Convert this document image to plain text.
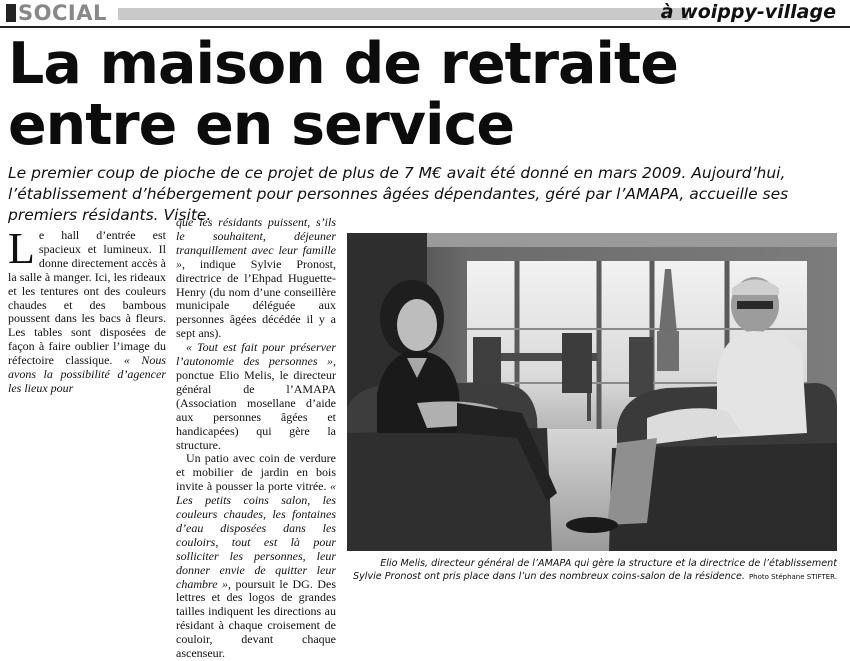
SOCIAL	à woippy-village
La maison de retraite
entre en service

Le premier coup de pioche de ce projet de plus de 7 M€ avait été donné en mars 2009. Aujourd’hui, l’établissement d’hébergement pour personnes âgées dépendantes, géré par l’AMAPA, accueille ses premiers résidants. Visite.

Le hall d’entrée est spacieux et lumineux. Il donne directement accès à la salle à manger. Ici, les rideaux et les tentures ont des couleurs chaudes et des bambous poussent dans les bacs à fleurs. Les tables sont disposées de façon à faire oublier l’image du réfectoire classique. « Nous avons la possibilité d’agencer les lieux pour

que les résidants puissent, s’ils le souhaitent, déjeuner tranquillement avec leur famille », indique Sylvie Pronost, directrice de l’Ehpad Huguette-Henry (du nom d’une conseillère municipale déléguée aux personnes âgées décédée il y a sept ans).

« Tout est fait pour préserver l’autonomie des personnes », ponctue Elio Melis, le directeur général de l’AMAPA (Association mosellane d’aide aux personnes âgées et handicapées) qui gère la structure.

Un patio avec coin de verdure et mobilier de jardin en bois invite à pousser la porte vitrée. « Les petits coins salon, les couleurs chaudes, les fontaines d’eau disposées dans les couloirs, tout est là pour solliciter les personnes, leur donner envie de quitter leur chambre », poursuit le DG. Des lettres et des logos de grandes tailles indiquent les directions au résidant à chaque croisement de couloir, devant chaque ascenseur.

Elio Melis, directeur général de l’AMAPA qui gère la structure et la directrice de l’établissement
Sylvie Pronost ont pris place dans l’un des nombreux coins-salon de la résidence. Photo Stéphane STIFTER.
